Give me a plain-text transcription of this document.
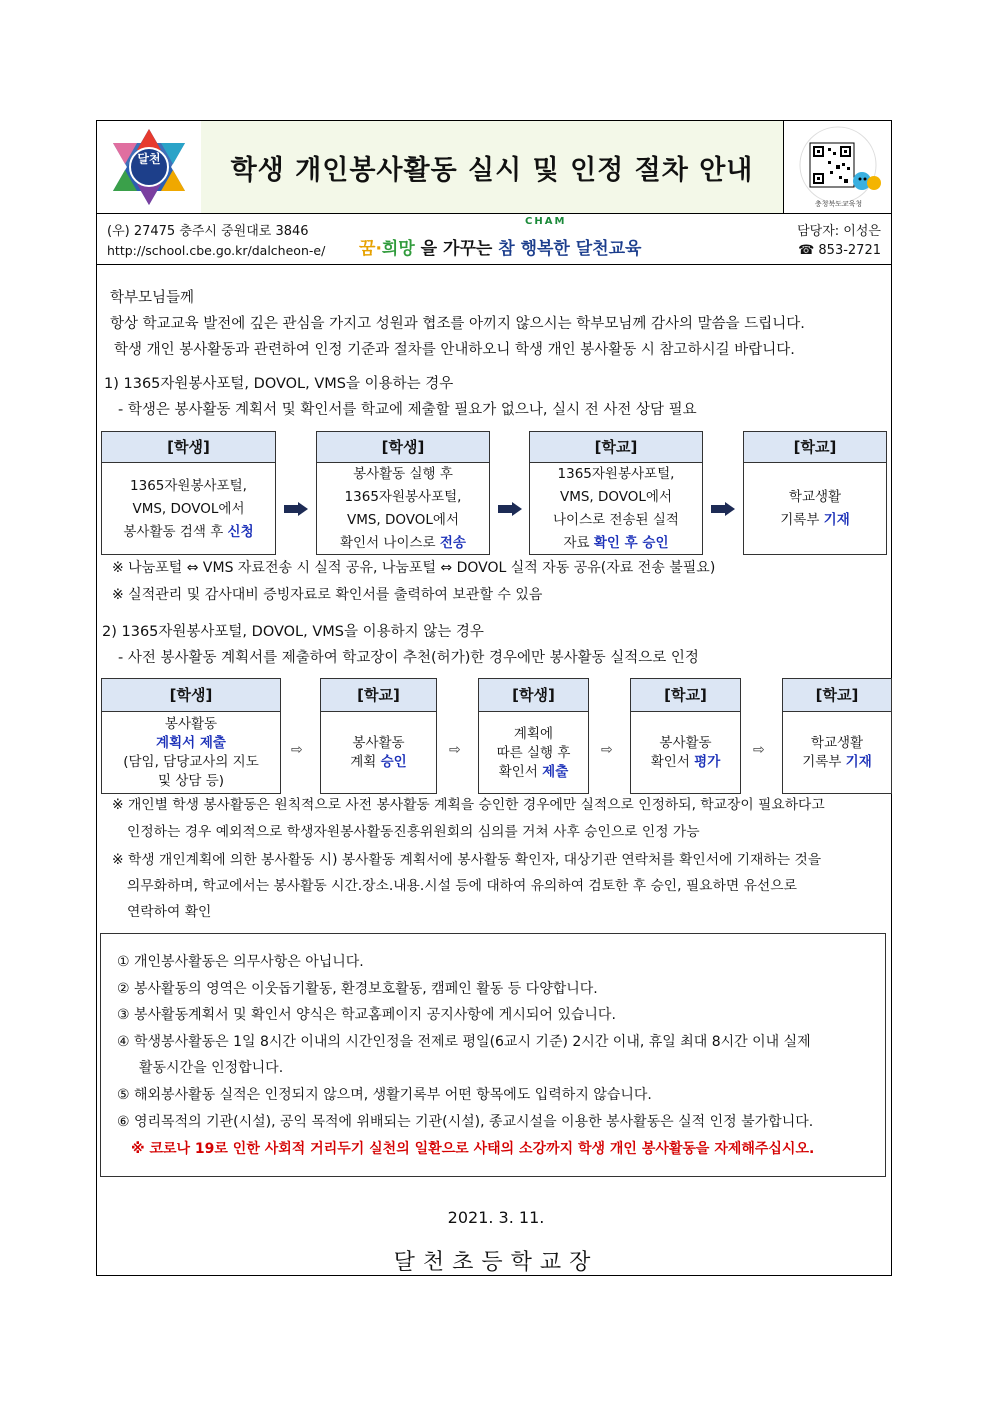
달천	학생 개인봉사활동 실시 및 인정 절차 안내
충청북도교육청
(우) 27475 충주시 중원대로 3846
http://school.cbe.go.kr/dalcheon-e/ 꿈·희망 을 가꾸는 참
CHAM
행복한 달천교육
담당자: 이성은
☎ 853-2721
학부모님들께
항상 학교교육 발전에 깊은 관심을 가지고 성원과 협조를 아끼지 않으시는 학부모님께 감사의 말씀을 드립니다.
학생 개인 봉사활동과 관련하여 인정 기준과 절차를 안내하오니 학생 개인 봉사활동 시 참고하시길 바랍니다.
1) 1365자원봉사포털, DOVOL, VMS을 이용하는 경우
- 학생은 봉사활동 계획서 및 확인서를 학교에 제출할 필요가 없으나, 실시 전 사전 상담 필요
[학생]
1365자원봉사포털,
VMS, DOVOL에서
봉사활동 검색 후 신청
[학생]
봉사활동 실행 후
1365자원봉사포털,
VMS, DOVOL에서
확인서 나이스로 전송
[학교]
1365자원봉사포털,
VMS, DOVOL에서
나이스로 전송된 실적
자료 확인 후 승인
[학교]
학교생활
기록부 기재
※ 나눔포털 ⇔ VMS 자료전송 시 실적 공유, 나눔포털 ⇔ DOVOL 실적 자동 공유(자료 전송 불필요)
※ 실적관리 및 감사대비 증빙자료로 확인서를 출력하여 보관할 수 있음
2) 1365자원봉사포털, DOVOL, VMS을 이용하지 않는 경우
- 사전 봉사활동 계획서를 제출하여 학교장이 추천(허가)한 경우에만 봉사활동 실적으로 인정
[학생]
봉사활동
계획서 제출
(담임, 담당교사의 지도
및 상담 등)
⇨
[학교]
봉사활동
계획 승인
⇨
[학생]
계획에
따른 실행 후
확인서 제출
⇨
[학교]
봉사활동
확인서 평가
⇨
[학교]
학교생활
기록부 기재
※ 개인별 학생 봉사활동은 원칙적으로 사전 봉사활동 계획을 승인한 경우에만 실적으로 인정하되, 학교장이 필요하다고
인정하는 경우 예외적으로 학생자원봉사활동진흥위원회의 심의를 거쳐 사후 승인으로 인정 가능
※ 학생 개인계획에 의한 봉사활동 시) 봉사활동 계획서에 봉사활동 확인자, 대상기관 연락처를 확인서에 기재하는 것을
의무화하며, 학교에서는 봉사활동 시간.장소.내용.시설 등에 대하여 유의하여 검토한 후 승인, 필요하면 유선으로
연락하여 확인
① 개인봉사활동은 의무사항은 아닙니다.
② 봉사활동의 영역은 이웃돕기활동, 환경보호활동, 캠페인 활동 등 다양합니다.
③ 봉사활동계획서 및 확인서 양식은 학교홈페이지 공지사항에 게시되어 있습니다.
④ 학생봉사활동은 1일 8시간 이내의 시간인정을 전제로 평일(6교시 기준) 2시간 이내, 휴일 최대 8시간 이내 실제
활동시간을 인정합니다.
⑤ 해외봉사활동 실적은 인정되지 않으며, 생활기록부 어떤 항목에도 입력하지 않습니다.
⑥ 영리목적의 기관(시설), 공익 목적에 위배되는 기관(시설), 종교시설을 이용한 봉사활동은 실적 인정 불가합니다.
※ 코로나 19로 인한 사회적 거리두기 실천의 일환으로 사태의 소강까지 학생 개인 봉사활동을 자제해주십시오.
2021. 3. 11.
달천초등학교장
